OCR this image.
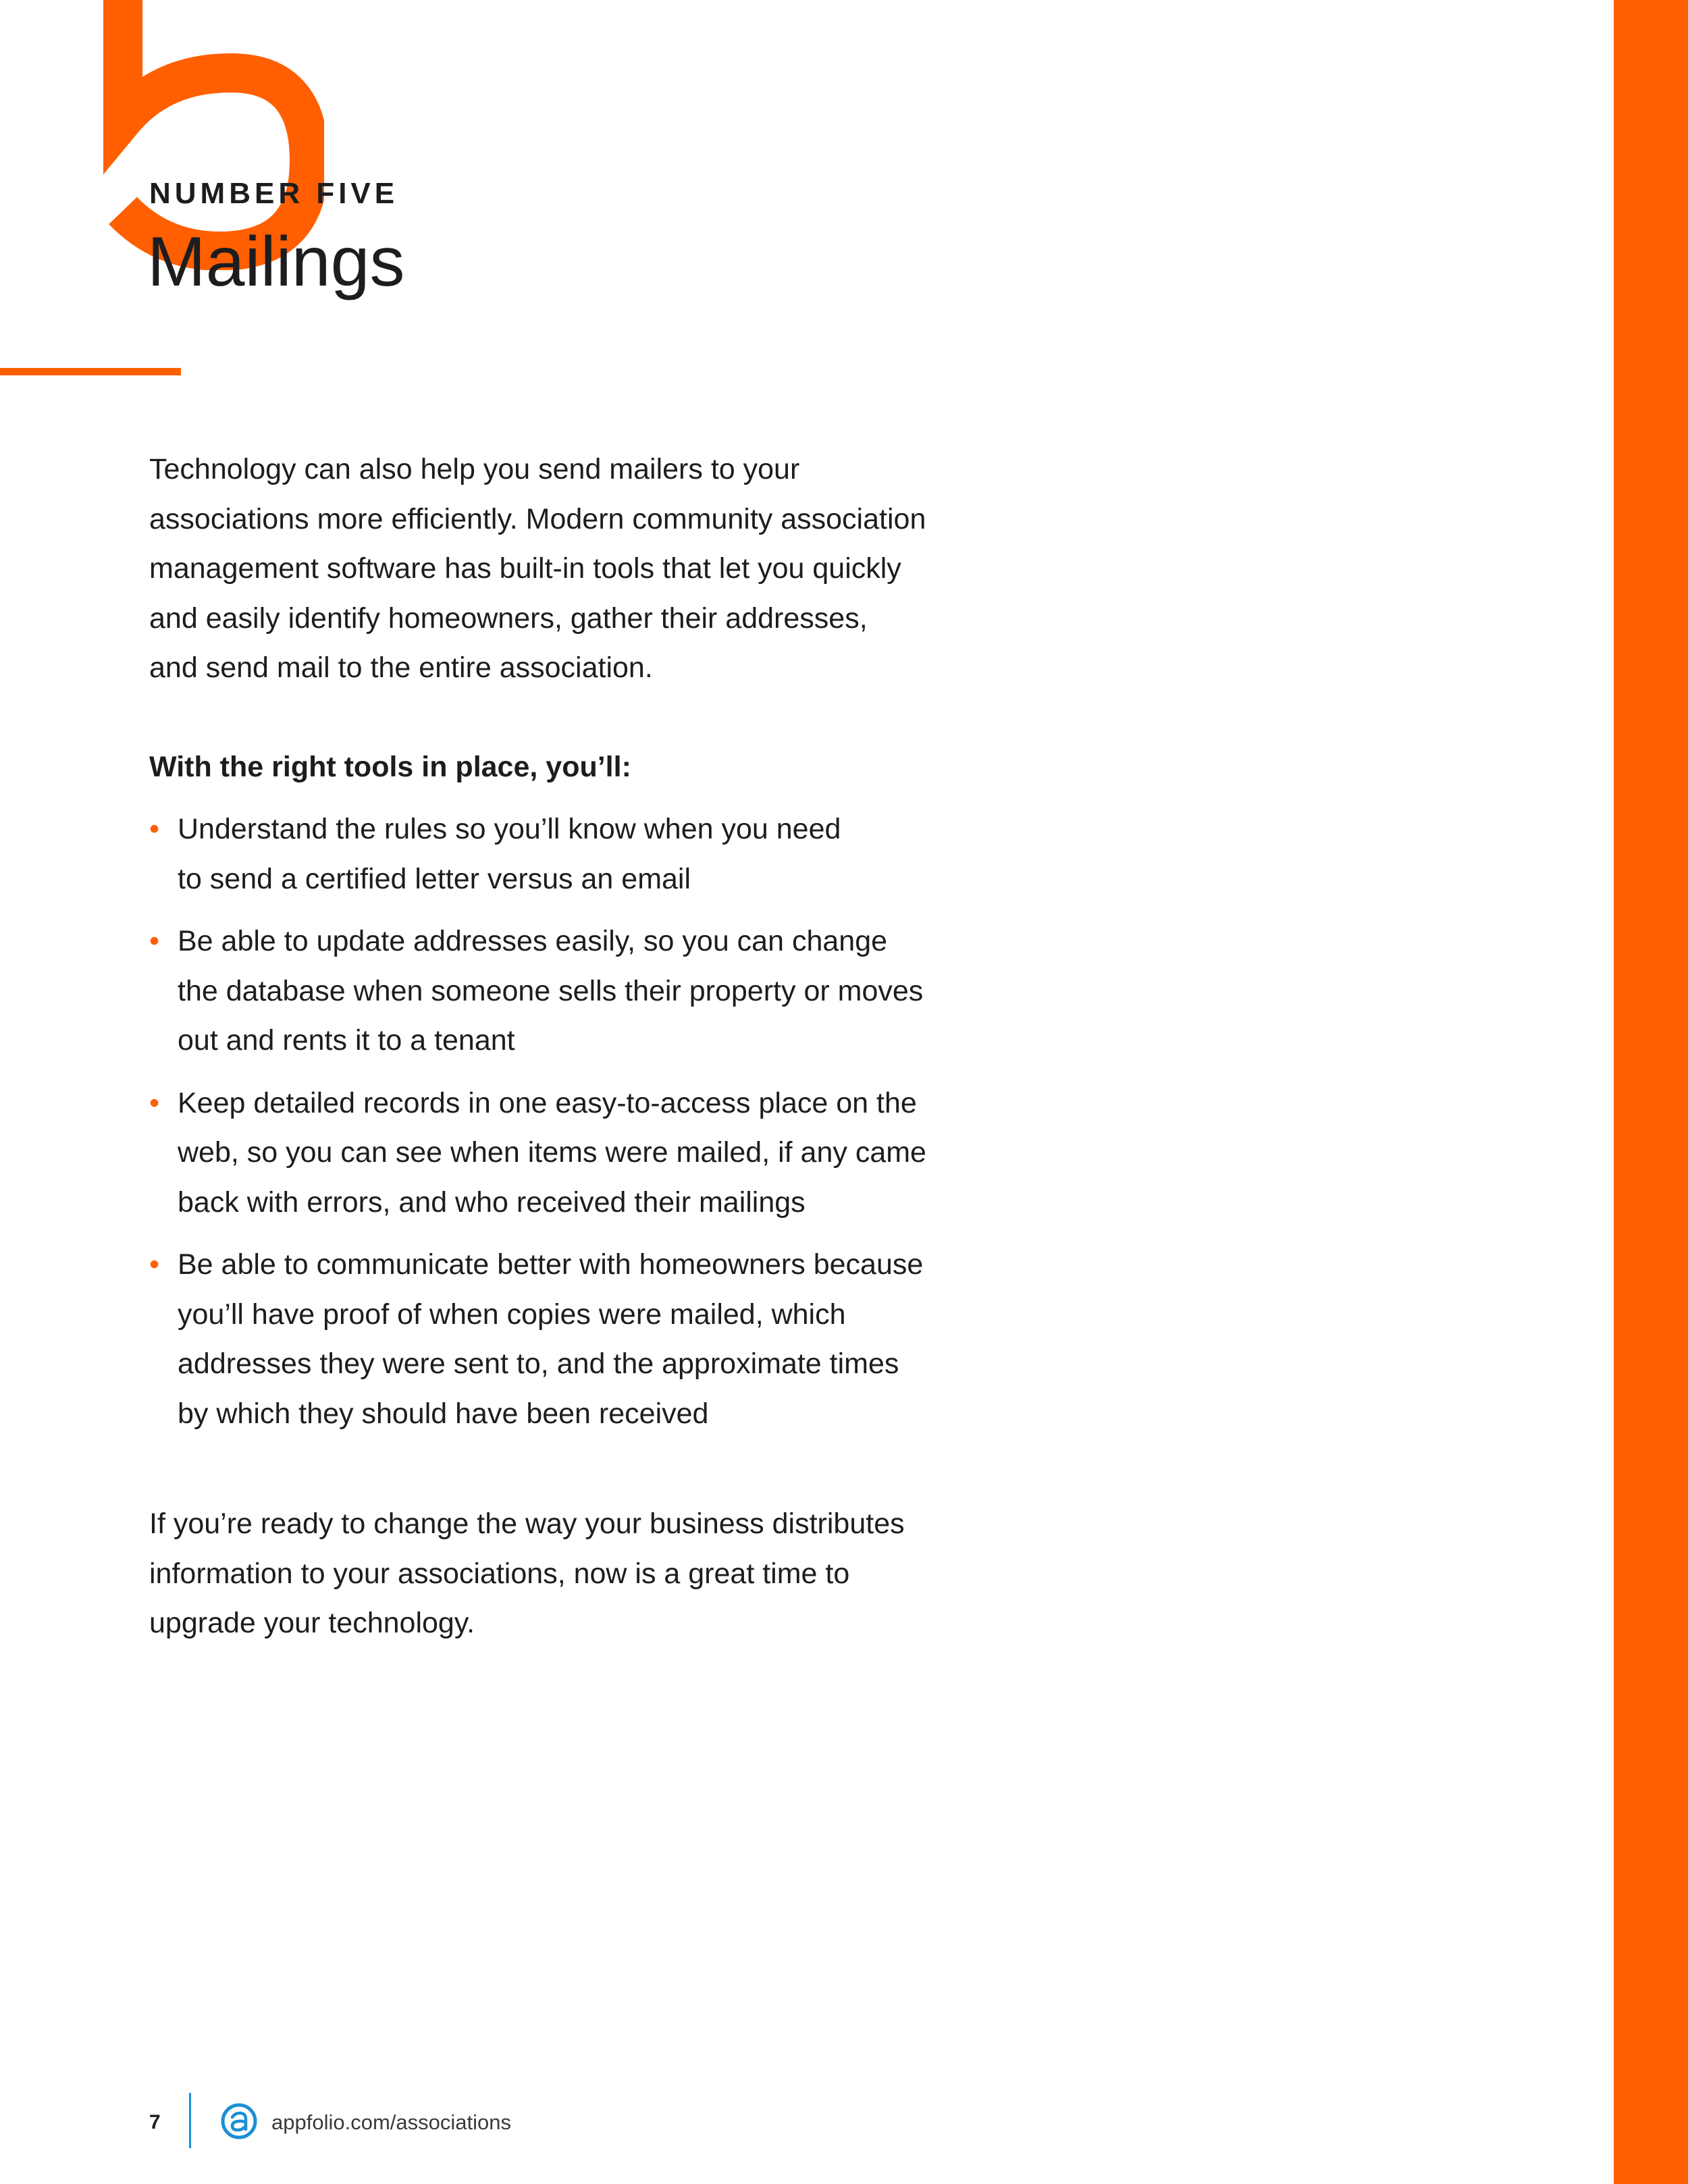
NUMBER FIVE
Mailings
Technology can also help you send mailers to your
associations more efficiently. Modern community association
management software has built-in tools that let you quickly
and easily identify homeowners, gather their addresses,
and send mail to the entire association.

With the right tools in place, you’ll:

• Understand the rules so you’ll know when you need
to send a certified letter versus an email
• Be able to update addresses easily, so you can change
the database when someone sells their property or moves
out and rents it to a tenant
• Keep detailed records in one easy-to-access place on the
web, so you can see when items were mailed, if any came
back with errors, and who received their mailings
• Be able to communicate better with homeowners because
you’ll have proof of when copies were mailed, which
addresses they were sent to, and the approximate times
by which they should have been received
If you’re ready to change the way your business distributes
information to your associations, now is a great time to
upgrade your technology.
7	appfolio.com/associations
